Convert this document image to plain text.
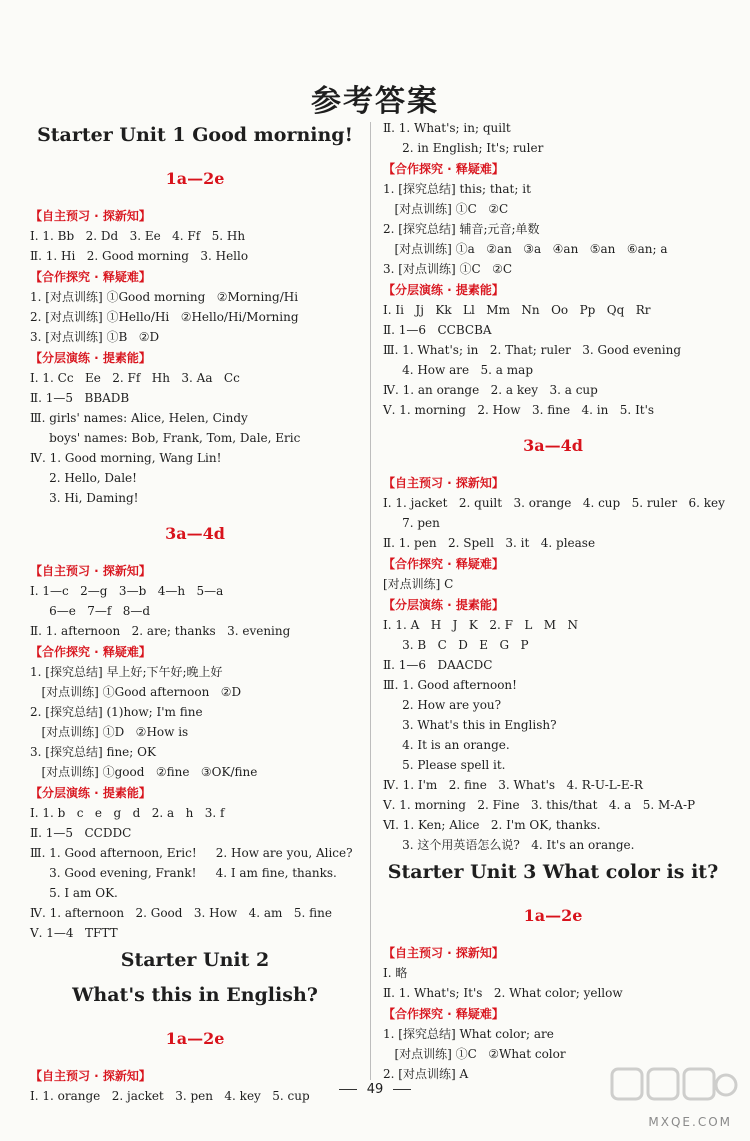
参考答案
Starter Unit 1 Good morning!
1a—2e
【自主预习 · 探新知】
Ⅰ. 1. Bb   2. Dd   3. Ee   4. Ff   5. Hh
Ⅱ. 1. Hi   2. Good morning   3. Hello
【合作探究 · 释疑难】
1. [对点训练] ①Good morning   ②Morning/Hi
2. [对点训练] ①Hello/Hi   ②Hello/Hi/Morning
3. [对点训练] ①B   ②D
【分层演练 · 提素能】
Ⅰ. 1. Cc   Ee   2. Ff   Hh   3. Aa   Cc
Ⅱ. 1—5   BBADB
Ⅲ. girls' names: Alice, Helen, Cindy
boys' names: Bob, Frank, Tom, Dale, Eric
Ⅳ. 1. Good morning, Wang Lin!
2. Hello, Dale!
3. Hi, Daming!
3a—4d
【自主预习 · 探新知】
Ⅰ. 1—c   2—g   3—b   4—h   5—a
6—e   7—f   8—d
Ⅱ. 1. afternoon   2. are; thanks   3. evening
【合作探究 · 释疑难】
1. [探究总结] 早上好;下午好;晚上好
[对点训练] ①Good afternoon   ②D
2. [探究总结] (1)how; I'm fine
[对点训练] ①D   ②How is
3. [探究总结] fine; OK
[对点训练] ①good   ②fine   ③OK/fine
【分层演练 · 提素能】
Ⅰ. 1. b   c   e   g   d   2. a   h   3. f
Ⅱ. 1—5   CCDDC
Ⅲ. 1. Good afternoon, Eric!     2. How are you, Alice?
3. Good evening, Frank!     4. I am fine, thanks.
5. I am OK.
Ⅳ. 1. afternoon   2. Good   3. How   4. am   5. fine
Ⅴ. 1—4   TFTT
Starter Unit 2
What's this in English?
1a—2e
【自主预习 · 探新知】
Ⅰ. 1. orange   2. jacket   3. pen   4. key   5. cup
Ⅱ. 1. What's; in; quilt
2. in English; It's; ruler
【合作探究 · 释疑难】
1. [探究总结] this; that; it
[对点训练] ①C   ②C
2. [探究总结] 辅音;元音;单数
[对点训练] ①a   ②an   ③a   ④an   ⑤an   ⑥an; a
3. [对点训练] ①C   ②C
【分层演练 · 提素能】
Ⅰ. Ii   Jj   Kk   Ll   Mm   Nn   Oo   Pp   Qq   Rr
Ⅱ. 1—6   CCBCBA
Ⅲ. 1. What's; in   2. That; ruler   3. Good evening
4. How are   5. a map
Ⅳ. 1. an orange   2. a key   3. a cup
Ⅴ. 1. morning   2. How   3. fine   4. in   5. It's
3a—4d
【自主预习 · 探新知】
Ⅰ. 1. jacket   2. quilt   3. orange   4. cup   5. ruler   6. key
7. pen
Ⅱ. 1. pen   2. Spell   3. it   4. please
【合作探究 · 释疑难】
[对点训练] C
【分层演练 · 提素能】
Ⅰ. 1. A   H   J   K   2. F   L   M   N
3. B   C   D   E   G   P
Ⅱ. 1—6   DAACDC
Ⅲ. 1. Good afternoon!
2. How are you?
3. What's this in English?
4. It is an orange.
5. Please spell it.
Ⅳ. 1. I'm   2. fine   3. What's   4. R-U-L-E-R
Ⅴ. 1. morning   2. Fine   3. this/that   4. a   5. M-A-P
Ⅵ. 1. Ken; Alice   2. I'm OK, thanks.
3. 这个用英语怎么说?   4. It's an orange.
Starter Unit 3 What color is it?
1a—2e
【自主预习 · 探新知】
Ⅰ. 略
Ⅱ. 1. What's; It's   2. What color; yellow
【合作探究 · 释疑难】
1. [探究总结] What color; are
[对点训练] ①C   ②What color
2. [对点训练] A
49
MXQE.COM
